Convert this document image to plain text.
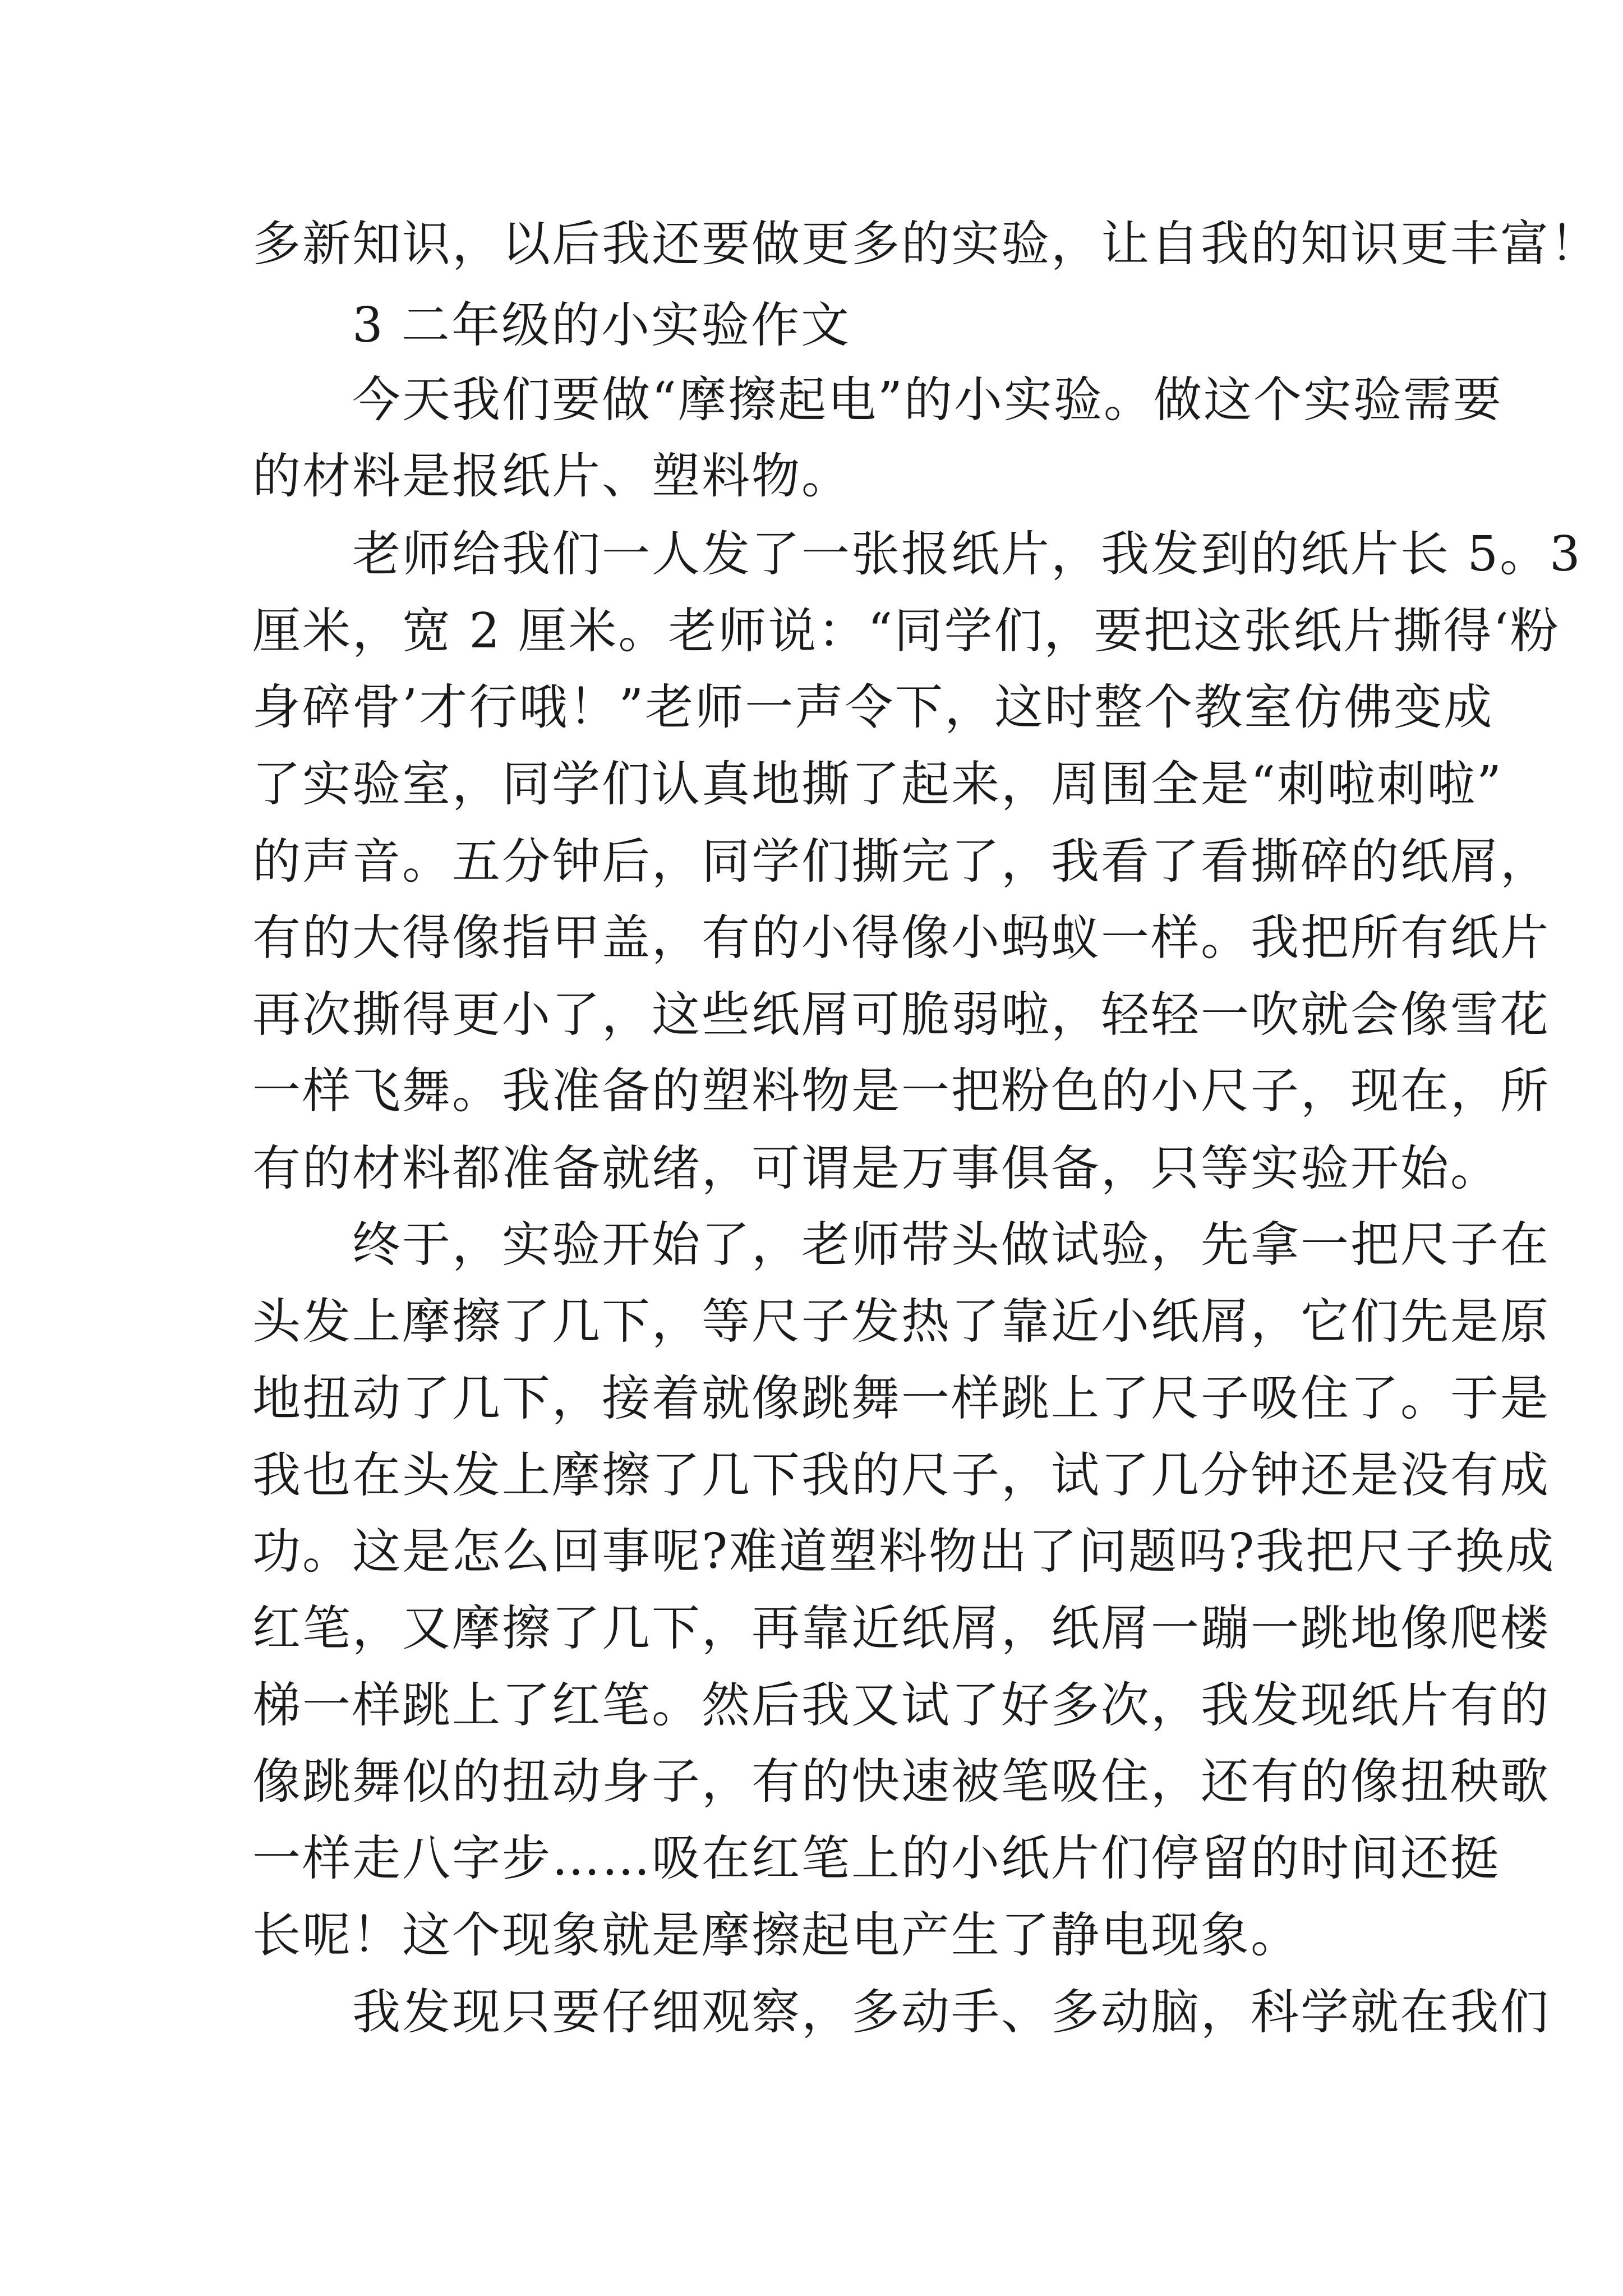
多新知识，以后我还要做更多的实验，让自我的知识更丰富！
　　3 二年级的小实验作文
　　今天我们要做“摩擦起电”的小实验。做这个实验需要
的材料是报纸片、塑料物。
　　老师给我们一人发了一张报纸片，我发到的纸片长 5。3
厘米，宽 2 厘米。老师说：“同学们，要把这张纸片撕得‘粉
身碎骨’才行哦！”老师一声令下，这时整个教室仿佛变成
了实验室，同学们认真地撕了起来，周围全是“刺啦刺啦”
的声音。五分钟后，同学们撕完了，我看了看撕碎的纸屑，
有的大得像指甲盖，有的小得像小蚂蚁一样。我把所有纸片
再次撕得更小了，这些纸屑可脆弱啦，轻轻一吹就会像雪花
一样飞舞。我准备的塑料物是一把粉色的小尺子，现在，所
有的材料都准备就绪，可谓是万事俱备，只等实验开始。
　　终于，实验开始了，老师带头做试验，先拿一把尺子在
头发上摩擦了几下，等尺子发热了靠近小纸屑，它们先是原
地扭动了几下，接着就像跳舞一样跳上了尺子吸住了。于是
我也在头发上摩擦了几下我的尺子，试了几分钟还是没有成
功。这是怎么回事呢?难道塑料物出了问题吗?我把尺子换成
红笔，又摩擦了几下，再靠近纸屑，纸屑一蹦一跳地像爬楼
梯一样跳上了红笔。然后我又试了好多次，我发现纸片有的
像跳舞似的扭动身子，有的快速被笔吸住，还有的像扭秧歌
一样走八字步……吸在红笔上的小纸片们停留的时间还挺
长呢！这个现象就是摩擦起电产生了静电现象。
　　我发现只要仔细观察，多动手、多动脑，科学就在我们
